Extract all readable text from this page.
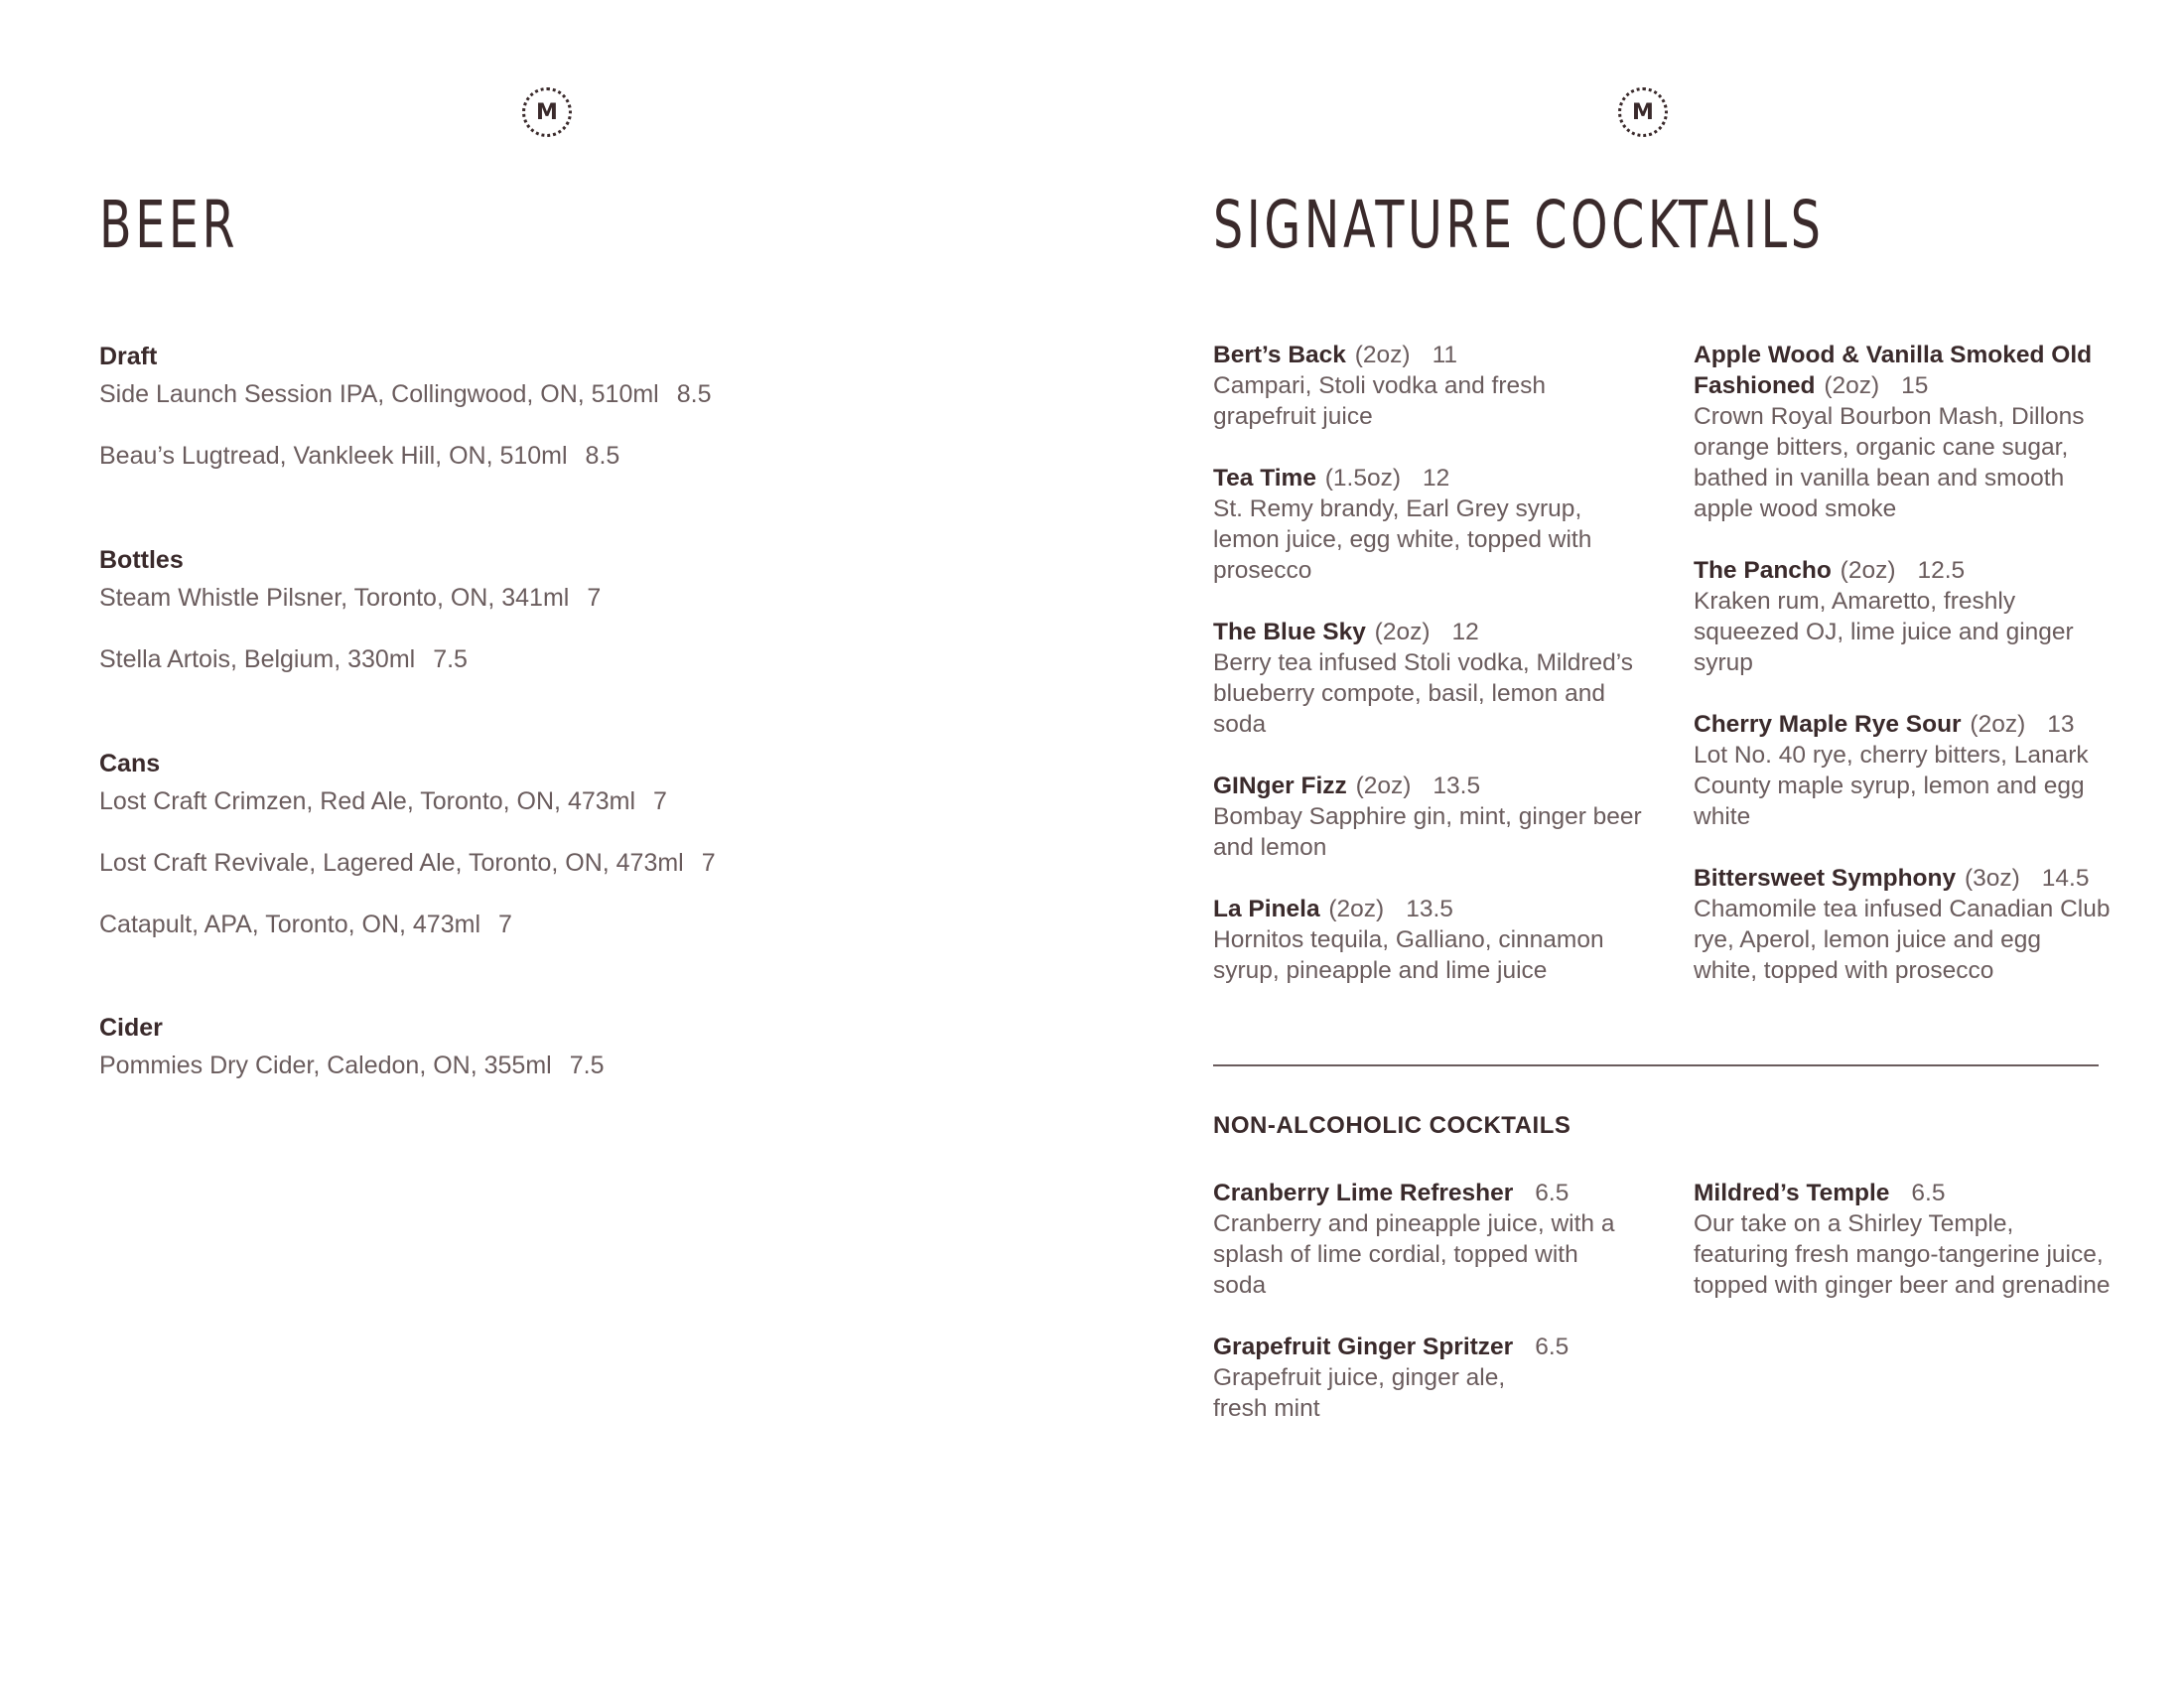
M
BEER
Draft
Side Launch Session IPA, Collingwood, ON, 510ml 8.5
Beau’s Lugtread, Vankleek Hill, ON, 510ml 8.5
Bottles
Steam Whistle Pilsner, Toronto, ON, 341ml 7
Stella Artois, Belgium, 330ml 7.5
Cans
Lost Craft Crimzen, Red Ale, Toronto, ON, 473ml 7
Lost Craft Revivale, Lagered Ale, Toronto, ON, 473ml 7
Catapult, APA, Toronto, ON, 473ml 7
Cider
Pommies Dry Cider, Caledon, ON, 355ml 7.5
M
SIGNATURE COCKTAILS
Bert’s Back (2oz) 11
Campari, Stoli vodka and fresh grapefruit juice
Tea Time (1.5oz) 12
St. Remy brandy, Earl Grey syrup, lemon juice, egg white, topped with prosecco
The Blue Sky (2oz) 12
Berry tea infused Stoli vodka, Mildred’s blueberry compote, basil, lemon and soda
GINger Fizz (2oz) 13.5
Bombay Sapphire gin, mint, ginger beer and lemon
La Pinela (2oz) 13.5
Hornitos tequila, Galliano, cinnamon syrup, pineapple and lime juice
Apple Wood & Vanilla Smoked Old Fashioned (2oz) 15
Crown Royal Bourbon Mash, Dillons orange bitters, organic cane sugar, bathed in vanilla bean and smooth apple wood smoke
The Pancho (2oz) 12.5
Kraken rum, Amaretto, freshly squeezed OJ, lime juice and ginger syrup
Cherry Maple Rye Sour (2oz) 13
Lot No. 40 rye, cherry bitters, Lanark County maple syrup, lemon and egg white
Bittersweet Symphony (3oz) 14.5
Chamomile tea infused Canadian Club rye, Aperol, lemon juice and egg white, topped with prosecco
NON-ALCOHOLIC COCKTAILS
Cranberry Lime Refresher 6.5
Cranberry and pineapple juice, with a splash of lime cordial, topped with soda
Grapefruit Ginger Spritzer 6.5
Grapefruit juice, ginger ale, fresh mint
Mildred’s Temple 6.5
Our take on a Shirley Temple, featuring fresh mango-tangerine juice, topped with ginger beer and grenadine
